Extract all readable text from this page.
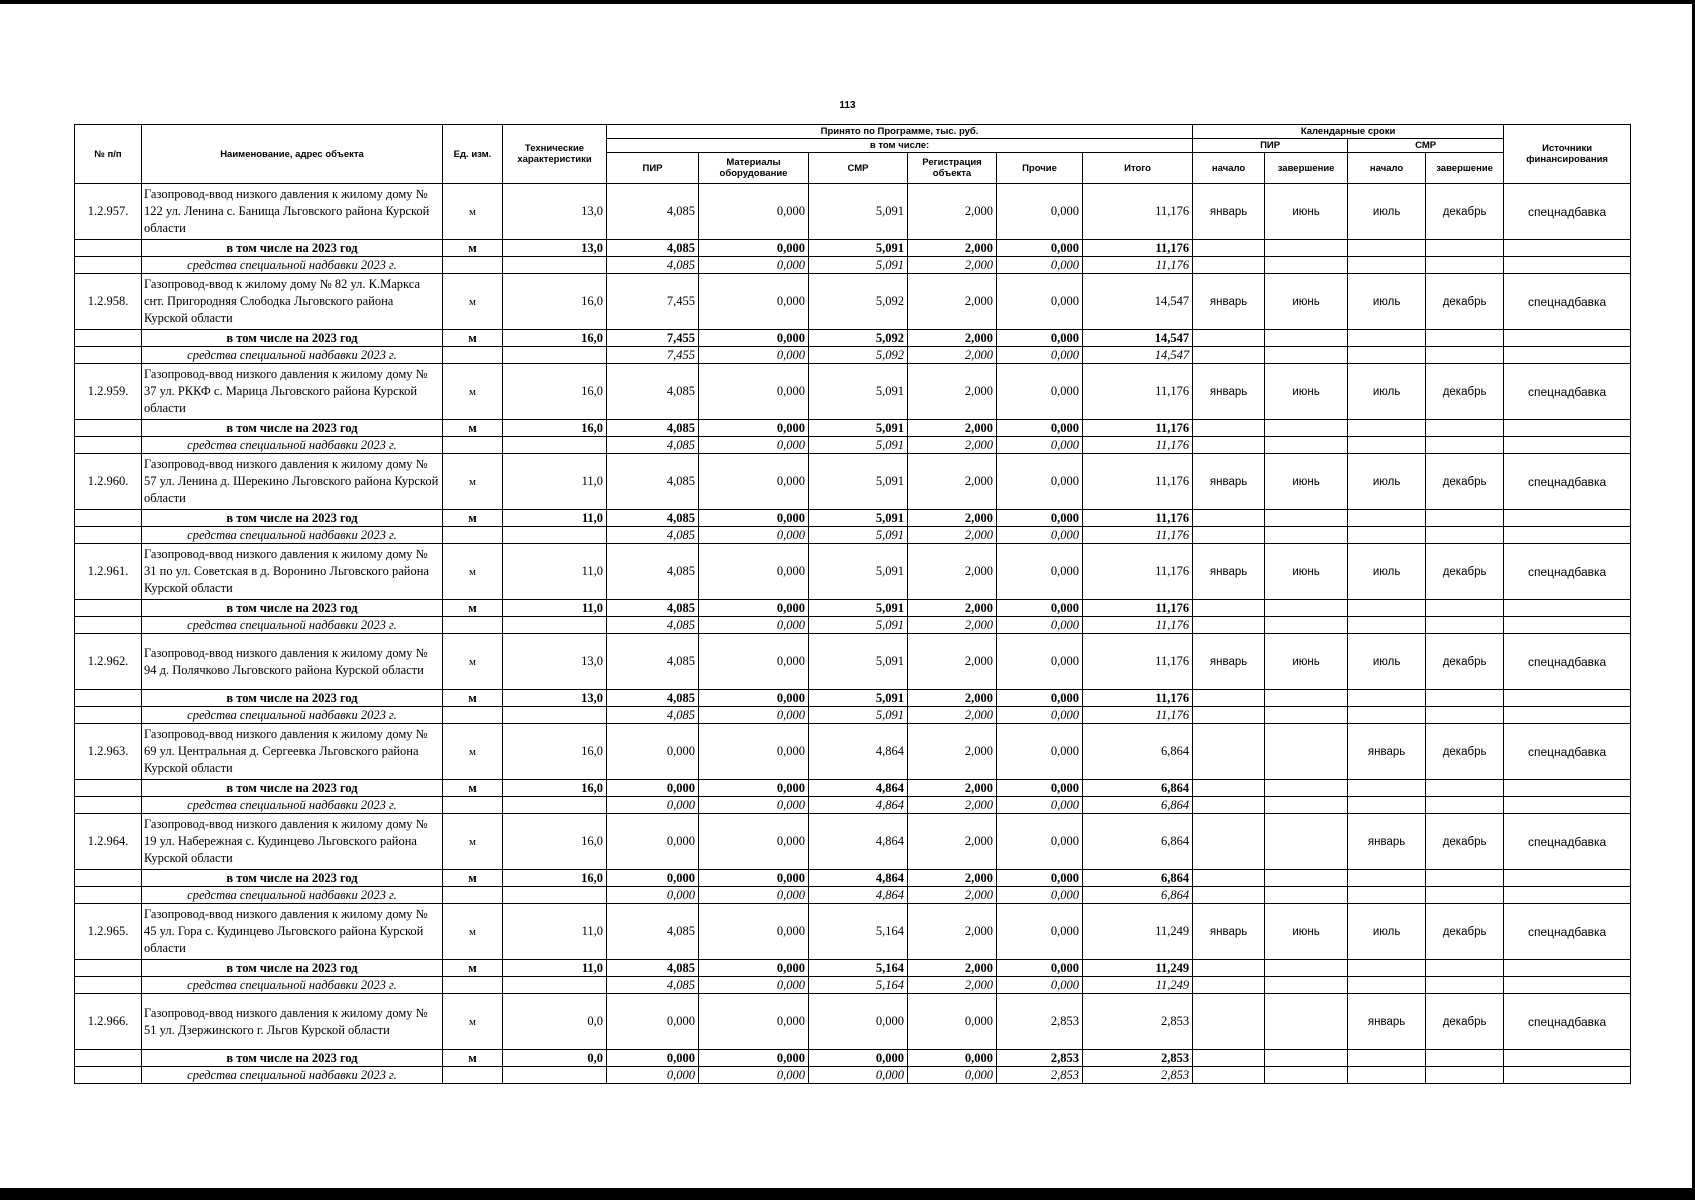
113
№ п/п	Наименование, адрес объекта	Ед. изм.	Технические характеристики	Принято по Программе, тыс. руб.						Календарные сроки				Источники финансирования
				в том числе:						ПИР		СМР		
				ПИР	Материалы оборудование	СМР	Регистрация объекта	Прочие	Итого	начало	завершение	начало	завершение	
1.2.957.	Газопровод-ввод низкого давления к жилому дому № 122 ул. Ленина с. Банища Льговского района Курской области	м	13,0	4,085	0,000	5,091	2,000	0,000	11,176	январь	июнь	июль	декабрь	спецнадбавка
	в том числе на 2023 год	м	13,0	4,085	0,000	5,091	2,000	0,000	11,176					
	средства специальной надбавки 2023 г.			4,085	0,000	5,091	2,000	0,000	11,176					
1.2.958.	Газопровод-ввод к жилому дому № 82 ул. К.Маркса снт. Пригородняя Слободка Льговского района Курской области	м	16,0	7,455	0,000	5,092	2,000	0,000	14,547	январь	июнь	июль	декабрь	спецнадбавка
	в том числе на 2023 год	м	16,0	7,455	0,000	5,092	2,000	0,000	14,547					
	средства специальной надбавки 2023 г.			7,455	0,000	5,092	2,000	0,000	14,547					
1.2.959.	Газопровод-ввод низкого давления к жилому дому № 37 ул. РККФ с. Марица Льговского района Курской области	м	16,0	4,085	0,000	5,091	2,000	0,000	11,176	январь	июнь	июль	декабрь	спецнадбавка
	в том числе на 2023 год	м	16,0	4,085	0,000	5,091	2,000	0,000	11,176					
	средства специальной надбавки 2023 г.			4,085	0,000	5,091	2,000	0,000	11,176					
1.2.960.	Газопровод-ввод низкого давления к жилому дому № 57 ул. Ленина д. Шерекино Льговского района Курской области	м	11,0	4,085	0,000	5,091	2,000	0,000	11,176	январь	июнь	июль	декабрь	спецнадбавка
	в том числе на 2023 год	м	11,0	4,085	0,000	5,091	2,000	0,000	11,176					
	средства специальной надбавки 2023 г.			4,085	0,000	5,091	2,000	0,000	11,176					
1.2.961.	Газопровод-ввод низкого давления к жилому дому № 31 по ул. Советская в д. Воронино Льговского района Курской области	м	11,0	4,085	0,000	5,091	2,000	0,000	11,176	январь	июнь	июль	декабрь	спецнадбавка
	в том числе на 2023 год	м	11,0	4,085	0,000	5,091	2,000	0,000	11,176					
	средства специальной надбавки 2023 г.			4,085	0,000	5,091	2,000	0,000	11,176					
1.2.962.	Газопровод-ввод низкого давления к жилому дому № 94 д. Полячково Льговского района Курской области	м	13,0	4,085	0,000	5,091	2,000	0,000	11,176	январь	июнь	июль	декабрь	спецнадбавка
	в том числе на 2023 год	м	13,0	4,085	0,000	5,091	2,000	0,000	11,176					
	средства специальной надбавки 2023 г.			4,085	0,000	5,091	2,000	0,000	11,176					
1.2.963.	Газопровод-ввод низкого давления к жилому дому № 69 ул. Центральная д. Сергеевка Льговского района Курской области	м	16,0	0,000	0,000	4,864	2,000	0,000	6,864			январь	декабрь	спецнадбавка
	в том числе на 2023 год	м	16,0	0,000	0,000	4,864	2,000	0,000	6,864					
	средства специальной надбавки 2023 г.			0,000	0,000	4,864	2,000	0,000	6,864					
1.2.964.	Газопровод-ввод низкого давления к жилому дому № 19 ул. Набережная с. Кудинцево Льговского района Курской области	м	16,0	0,000	0,000	4,864	2,000	0,000	6,864			январь	декабрь	спецнадбавка
	в том числе на 2023 год	м	16,0	0,000	0,000	4,864	2,000	0,000	6,864					
	средства специальной надбавки 2023 г.			0,000	0,000	4,864	2,000	0,000	6,864					
1.2.965.	Газопровод-ввод низкого давления к жилому дому № 45 ул. Гора с. Кудинцево Льговского района Курской области	м	11,0	4,085	0,000	5,164	2,000	0,000	11,249	январь	июнь	июль	декабрь	спецнадбавка
	в том числе на 2023 год	м	11,0	4,085	0,000	5,164	2,000	0,000	11,249					
	средства специальной надбавки 2023 г.			4,085	0,000	5,164	2,000	0,000	11,249					
1.2.966.	Газопровод-ввод низкого давления к жилому дому № 51 ул. Дзержинского г. Льгов Курской области	м	0,0	0,000	0,000	0,000	0,000	2,853	2,853			январь	декабрь	спецнадбавка
	в том числе на 2023 год	м	0,0	0,000	0,000	0,000	0,000	2,853	2,853					
	средства специальной надбавки 2023 г.			0,000	0,000	0,000	0,000	2,853	2,853					
